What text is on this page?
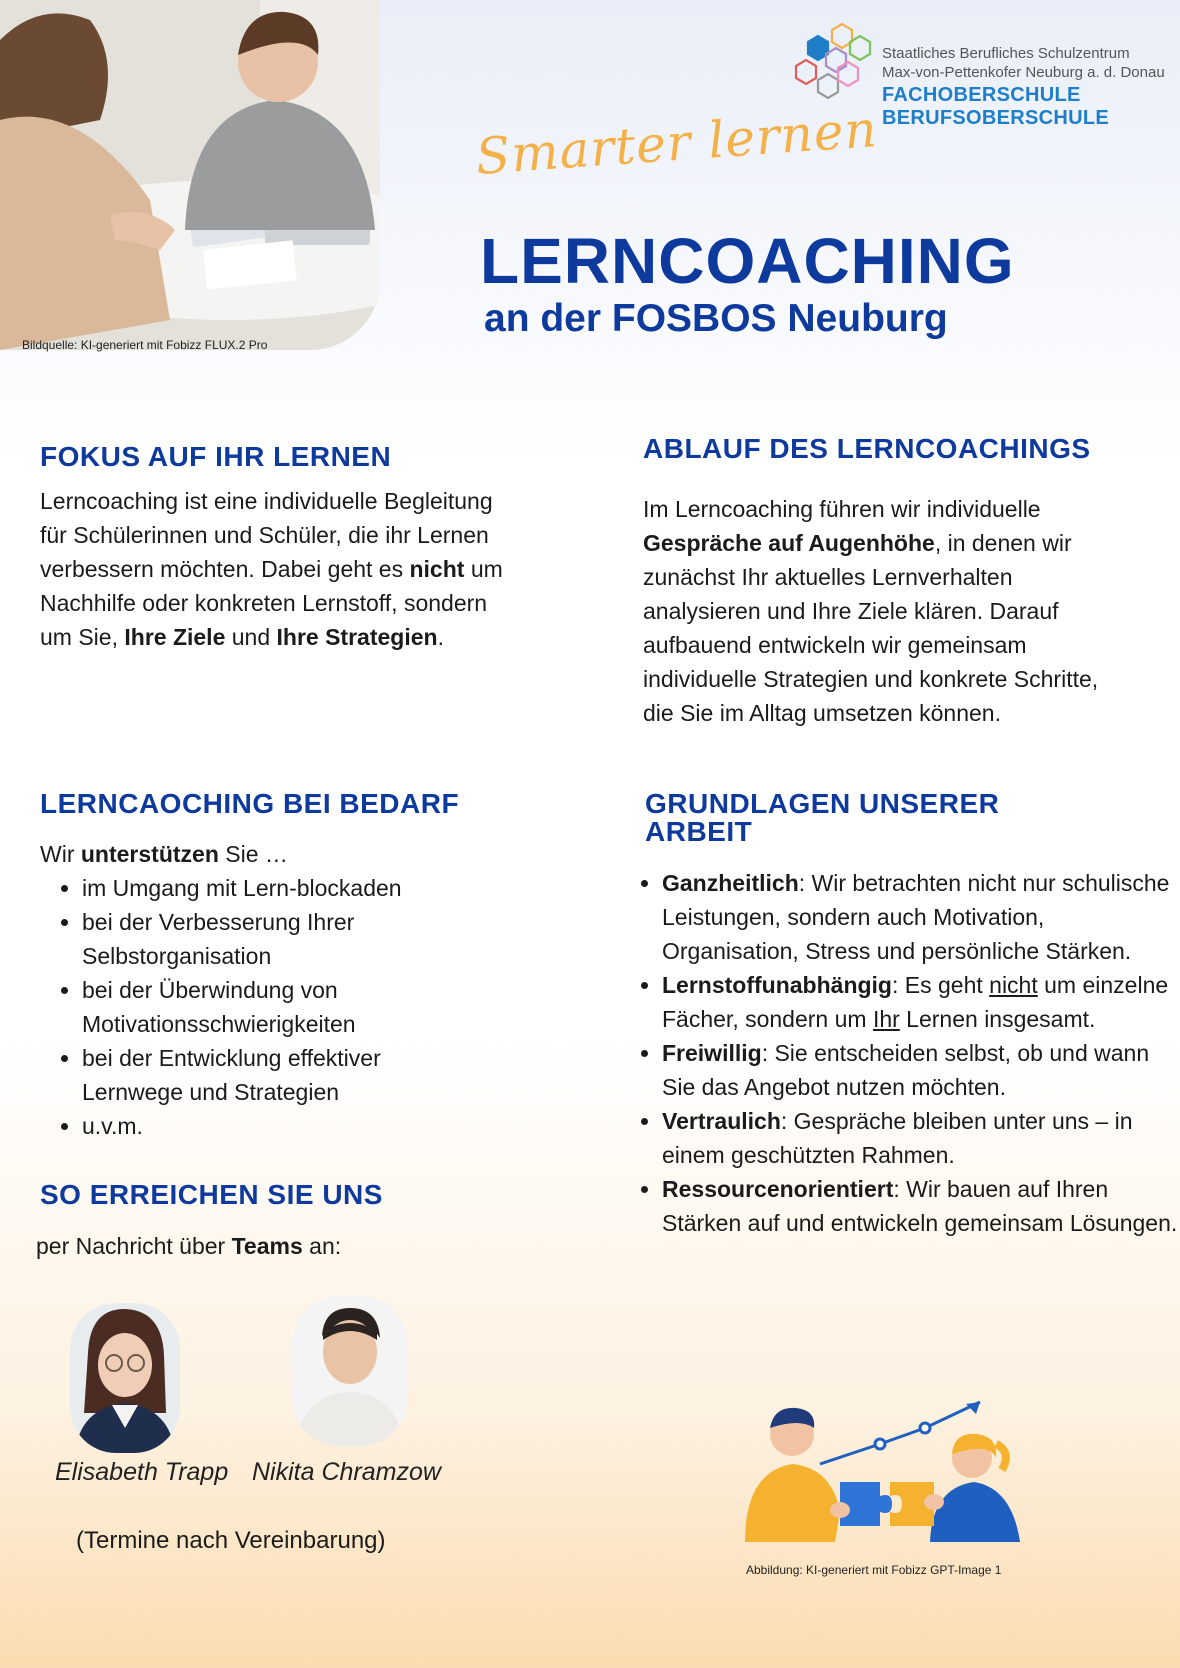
Bildquelle: KI-generiert mit Fobizz FLUX.2 Pro
Staatliches Berufliches Schulzentrum
Max-von-Pettenkofer Neuburg a. d. Donau
FACHOBERSCHULE
BERUFSOBERSCHULE
Smarter lernen
LERNCOACHING
an der FOSBOS Neuburg
FOKUS AUF IHR LERNEN
Lerncoaching ist eine individuelle Begleitung für Schülerinnen und Schüler, die ihr Lernen verbessern möchten. Dabei geht es nicht um Nachhilfe oder konkreten Lernstoff, sondern um Sie, Ihre Ziele und Ihre Strategien.
ABLAUF DES LERNCOACHINGS
Im Lerncoaching führen wir individuelle Gespräche auf Augenhöhe, in denen wir zunächst Ihr aktuelles Lernverhalten analysieren und Ihre Ziele klären. Darauf aufbauend entwickeln wir gemeinsam individuelle Strategien und konkrete Schritte, die Sie im Alltag umsetzen können.
LERNCAOCHING BEI BEDARF
Wir unterstützen Sie …
• im Umgang mit Lern-blockaden
• bei der Verbesserung Ihrer Selbstorganisation
• bei der Überwindung von Motivationsschwierigkeiten
• bei der Entwicklung effektiver Lernwege und Strategien
• u.v.m.
GRUNDLAGEN UNSERER
ARBEIT
• Ganzheitlich: Wir betrachten nicht nur schulische Leistungen, sondern auch Motivation, Organisation, Stress und persönliche Stärken.
• Lernstoffunabhängig: Es geht nicht um einzelne Fächer, sondern um Ihr Lernen insgesamt.
• Freiwillig: Sie entscheiden selbst, ob und wann Sie das Angebot nutzen möchten.
• Vertraulich: Gespräche bleiben unter uns – in einem geschützten Rahmen.
• Ressourcenorientiert: Wir bauen auf Ihren Stärken auf und entwickeln gemeinsam Lösungen.
SO ERREICHEN SIE UNS
per Nachricht über Teams an:
Elisabeth Trapp Nikita Chramzow
(Termine nach Vereinbarung)
Abbildung: KI-generiert mit Fobizz GPT-Image 1
